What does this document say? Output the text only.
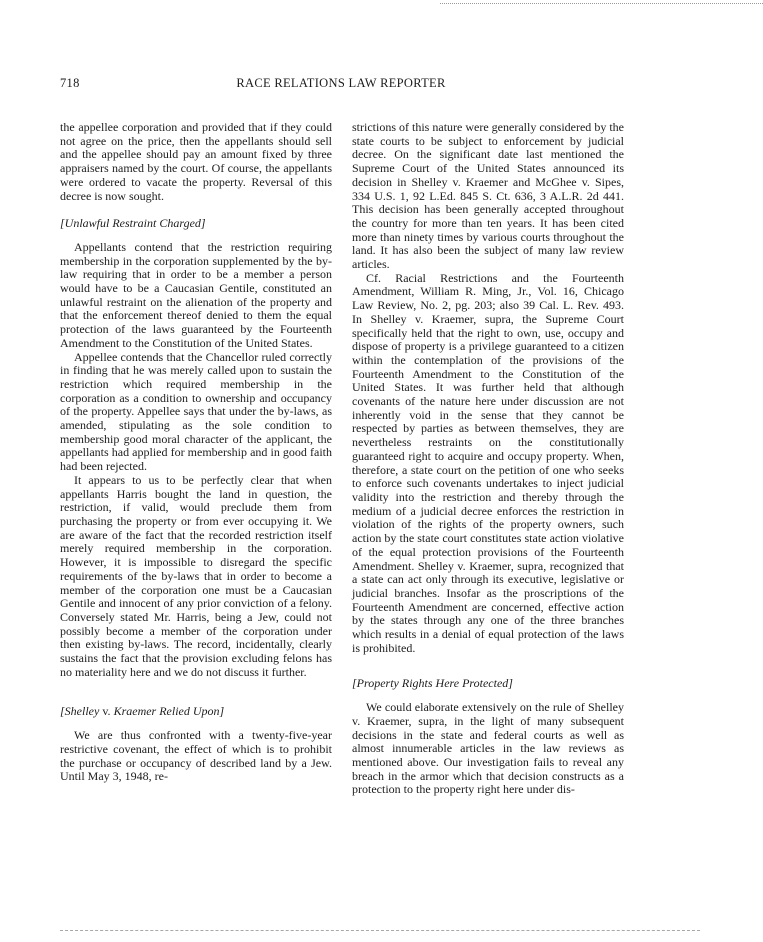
718	RACE RELATIONS LAW REPORTER

the appellee corporation and provided that if they could not agree on the price, then the appellants should sell and the appellee should pay an amount fixed by three appraisers named by the court. Of course, the appellants were ordered to vacate the property. Reversal of this decree is now sought.

[Unlawful Restraint Charged]

Appellants contend that the restriction requiring membership in the corporation supplemented by the by-law requiring that in order to be a member a person would have to be a Caucasian Gentile, constituted an unlawful restraint on the alienation of the property and that the enforcement thereof denied to them the equal protection of the laws guaranteed by the Fourteenth Amendment to the Constitution of the United States.

Appellee contends that the Chancellor ruled correctly in finding that he was merely called upon to sustain the restriction which required membership in the corporation as a condition to ownership and occupancy of the property. Appellee says that under the by-laws, as amended, stipulating as the sole condition to membership good moral character of the applicant, the appellants had applied for membership and in good faith had been rejected.

It appears to us to be perfectly clear that when appellants Harris bought the land in question, the restriction, if valid, would preclude them from purchasing the property or from ever occupying it. We are aware of the fact that the recorded restriction itself merely required membership in the corporation. However, it is impossible to disregard the specific requirements of the by-laws that in order to become a member of the corporation one must be a Caucasian Gentile and innocent of any prior conviction of a felony. Conversely stated Mr. Harris, being a Jew, could not possibly become a member of the corporation under then existing by-laws. The record, incidentally, clearly sustains the fact that the provision excluding felons has no materiality here and we do not discuss it further.

[Shelley v. Kraemer Relied Upon]

We are thus confronted with a twenty-five-year restrictive covenant, the effect of which is to prohibit the purchase or occupancy of described land by a Jew. Until May 3, 1948, re-

strictions of this nature were generally considered by the state courts to be subject to enforcement by judicial decree. On the significant date last mentioned the Supreme Court of the United States announced its decision in Shelley v. Kraemer and McGhee v. Sipes, 334 U.S. 1, 92 L.Ed. 845 S. Ct. 636, 3 A.L.R. 2d 441. This decision has been generally accepted throughout the country for more than ten years. It has been cited more than ninety times by various courts throughout the land. It has also been the subject of many law review articles.

Cf. Racial Restrictions and the Fourteenth Amendment, William R. Ming, Jr., Vol. 16, Chicago Law Review, No. 2, pg. 203; also 39 Cal. L. Rev. 493. In Shelley v. Kraemer, supra, the Supreme Court specifically held that the right to own, use, occupy and dispose of property is a privilege guaranteed to a citizen within the contemplation of the provisions of the Fourteenth Amendment to the Constitution of the United States. It was further held that although covenants of the nature here under discussion are not inherently void in the sense that they cannot be respected by parties as between themselves, they are nevertheless restraints on the constitutionally guaranteed right to acquire and occupy property. When, therefore, a state court on the petition of one who seeks to enforce such covenants undertakes to inject judicial validity into the restriction and thereby through the medium of a judicial decree enforces the restriction in violation of the rights of the property owners, such action by the state court constitutes state action violative of the equal protection provisions of the Fourteenth Amendment. Shelley v. Kraemer, supra, recognized that a state can act only through its executive, legislative or judicial branches. Insofar as the proscriptions of the Fourteenth Amendment are concerned, effective action by the states through any one of the three branches which results in a denial of equal protection of the laws is prohibited.

[Property Rights Here Protected]

We could elaborate extensively on the rule of Shelley v. Kraemer, supra, in the light of many subsequent decisions in the state and federal courts as well as almost innumerable articles in the law reviews as mentioned above. Our investigation fails to reveal any breach in the armor which that decision constructs as a protection to the property right here under dis-
